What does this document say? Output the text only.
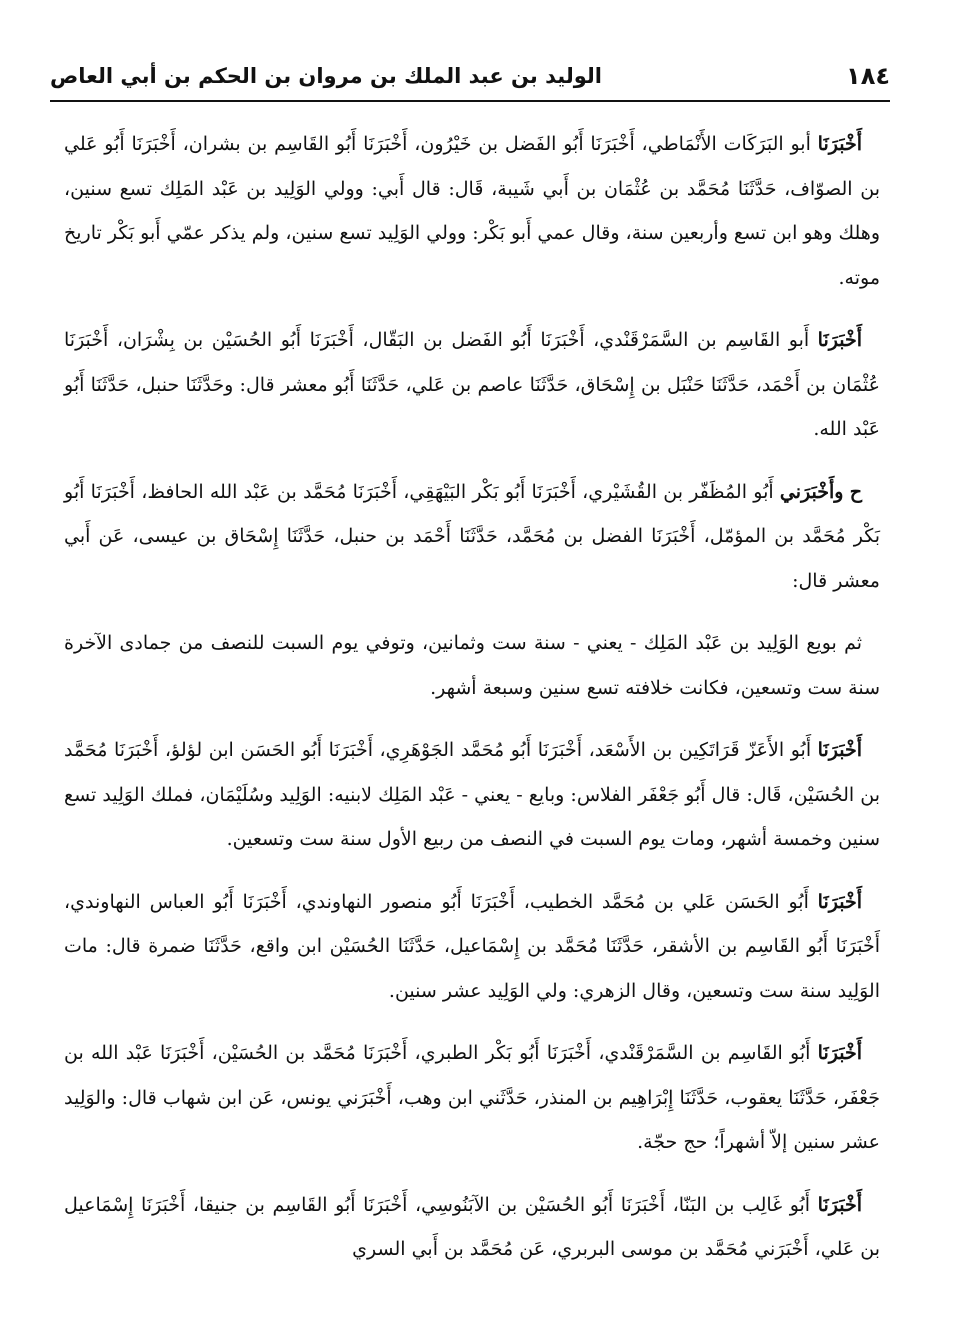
١٨٤
الوليد بن عبد الملك بن مروان بن الحكم بن أبي العاص

أَخْبَرَنَا أبو البَرَكَات الأَنْمَاطي، أَخْبَرَنَا أَبُو الفَضل بن خَيْرُون، أَخْبَرَنَا أَبُو القَاسِم بن بشران، أَخْبَرَنَا أَبُو عَلي بن الصوّاف، حَدَّثَنَا مُحَمَّد بن عُثْمَان بن أَبي شَيبة، قَال: قال أَبي: وولي الوَلِيد بن عَبْد المَلِك تسع سنين، وهلك وهو ابن تسع وأربعين سنة، وقال عمي أَبو بَكْر: وولي الوَلِيد تسع سنين، ولم يذكر عمّي أَبو بَكْر تاريخ موته.

أَخْبَرَنَا أَبو القَاسِم بن السَّمَرْقَنْدي، أَخْبَرَنَا أَبُو الفَضل بن البَقّال، أَخْبَرَنَا أَبُو الحُسَيْن بن بِشْرَان، أَخْبَرَنَا عُثْمَان بن أَحْمَد، حَدَّثَنَا حَنْبَل بن إِسْحَاق، حَدَّثَنَا عاصم بن عَلي، حَدَّثَنَا أَبُو معشر قال: وحَدَّثَنَا حنبل، حَدَّثَنَا أَبُو عَبْد الله.

ح وأَخْبَرَني أَبُو المُظَفّر بن القُشَيْري، أَخْبَرَنَا أَبُو بَكْر البَيْهَقِي، أَخْبَرَنَا مُحَمَّد بن عَبْد الله الحافظ، أَخْبَرَنَا أَبُو بَكْر مُحَمَّد بن المؤمّل، أَخْبَرَنَا الفضل بن مُحَمَّد، حَدَّثَنَا أَحْمَد بن حنبل، حَدَّثَنَا إِسْحَاق بن عيسى، عَن أَبي معشر قال:

ثم بويع الوَلِيد بن عَبْد المَلِك - يعني - سنة ست وثمانين، وتوفي يوم السبت للنصف من جمادى الآخرة سنة ست وتسعين، فكانت خلافته تسع سنين وسبعة أشهر.

أَخْبَرَنَا أَبُو الأَعَزّ قَرَاتَكِين بن الأَسْعَد، أَخْبَرَنَا أَبُو مُحَمَّد الجَوْهَرِي، أَخْبَرَنَا أَبُو الحَسَن ابن لؤلؤ، أَخْبَرَنَا مُحَمَّد بن الحُسَيْن، قَال: قال أَبُو جَعْفَر الفلاس: وبايع - يعني - عَبْد المَلِك لابنيه: الوَلِيد وسُلَيْمَان، فملك الوَلِيد تسع سنين وخمسة أشهر، ومات يوم السبت في النصف من ربيع الأول سنة ست وتسعين.

أَخْبَرَنَا أَبُو الحَسَن عَلي بن مُحَمَّد الخطيب، أَخْبَرَنَا أَبُو منصور النهاوندي، أَخْبَرَنَا أَبُو العباس النهاوندي، أَخْبَرَنَا أَبُو القَاسِم بن الأشقر، حَدَّثَنَا مُحَمَّد بن إِسْمَاعيل، حَدَّثَنَا الحُسَيْن ابن واقع، حَدَّثَنَا ضمرة قال: مات الوَلِيد سنة ست وتسعين، وقال الزهري: ولي الوَلِيد عشر سنين.

أَخْبَرَنَا أَبُو القَاسِم بن السَّمَرْقَنْدي، أَخْبَرَنَا أَبُو بَكْر الطبري، أَخْبَرَنَا مُحَمَّد بن الحُسَيْن، أَخْبَرَنَا عَبْد الله بن جَعْفَر، حَدَّثَنَا يعقوب، حَدَّثَنَا إِبْرَاهِيم بن المنذر، حَدَّثَني ابن وهب، أَخْبَرَني يونس، عَن ابن شهاب قال: والوَلِيد عشر سنين إلاّ أشهراً؛ حج حجّة.

أَخْبَرَنَا أَبُو غَالِب بن البَنّا، أَخْبَرَنَا أَبُو الحُسَيْن بن الآبَنُوسِي، أَخْبَرَنَا أَبُو القَاسِم بن جنيقا، أَخْبَرَنَا إِسْمَاعيل بن عَلي، أَخْبَرَني مُحَمَّد بن موسى البربري، عَن مُحَمَّد بن أَبي السري
